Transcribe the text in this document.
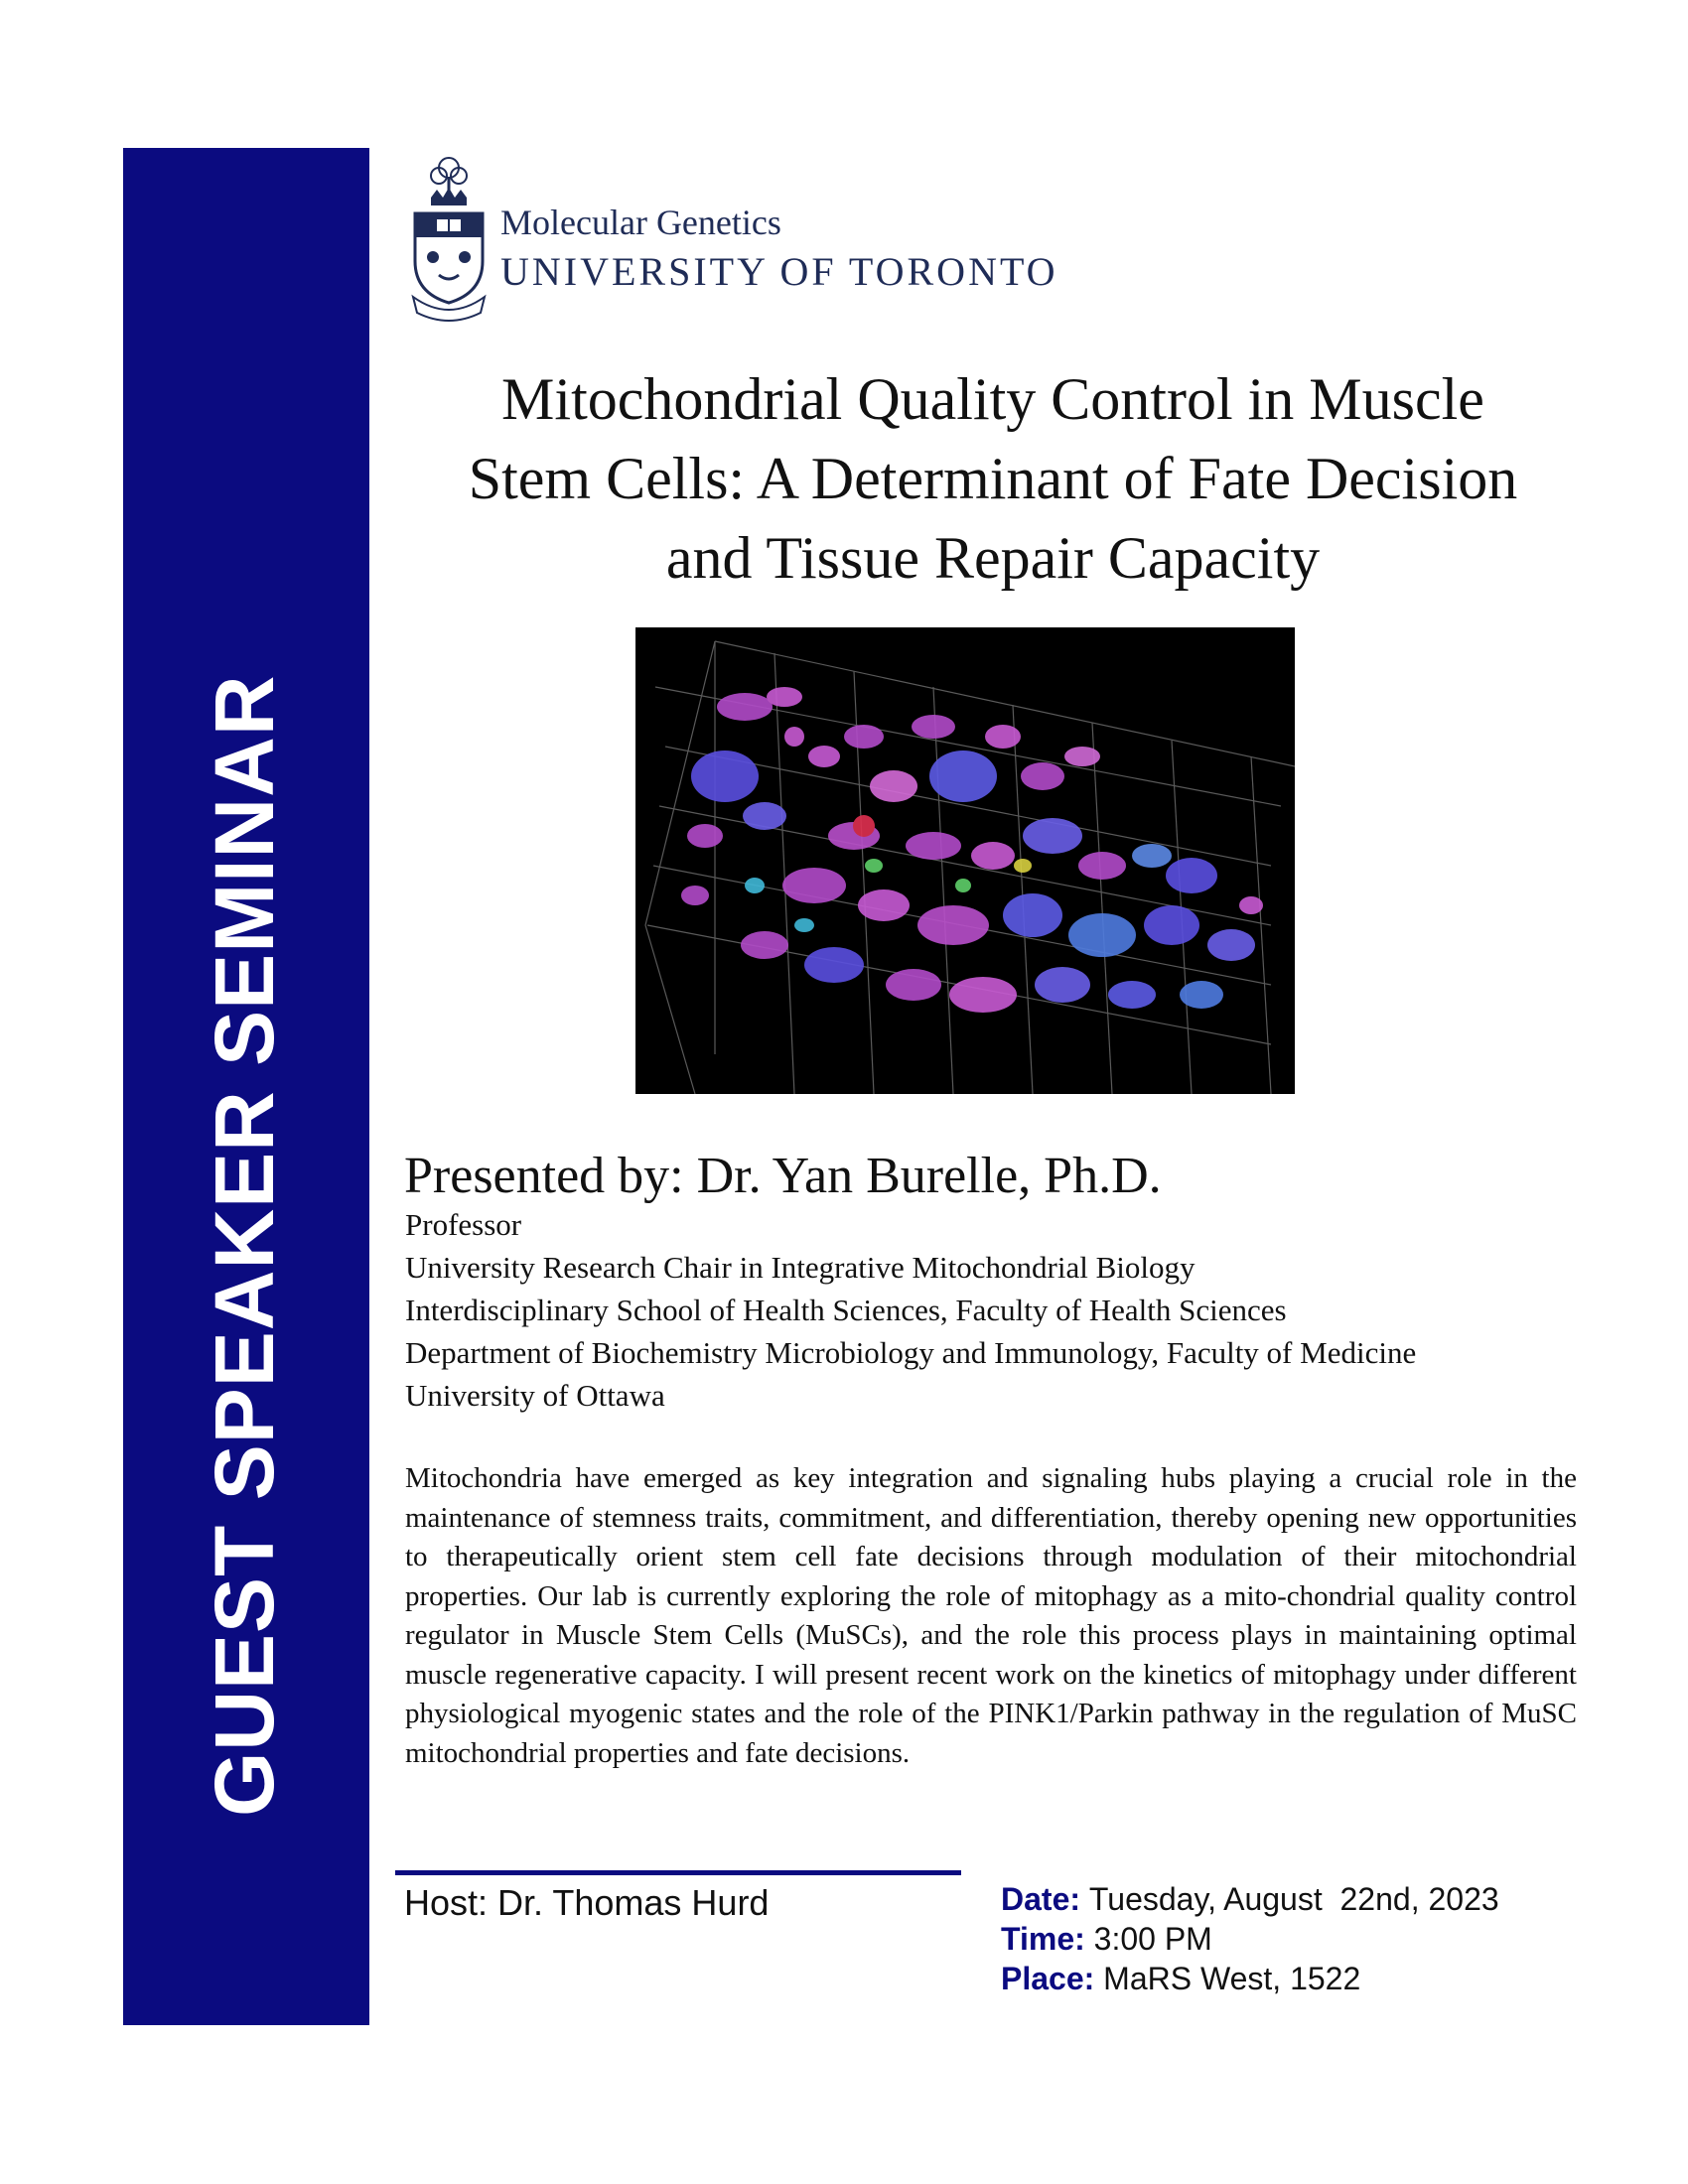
GUEST SPEAKER SEMINAR
Molecular Genetics
UNIVERSITY OF TORONTO
Mitochondrial Quality Control in Muscle
Stem Cells: A Determinant of Fate Decision
and Tissue Repair Capacity
Presented by: Dr. Yan Burelle, Ph.D.
Professor
University Research Chair in Integrative Mitochondrial Biology
Interdisciplinary School of Health Sciences, Faculty of Health Sciences
Department of Biochemistry Microbiology and Immunology, Faculty of Medicine
University of Ottawa
Mitochondria have emerged as key integration and signaling hubs playing a crucial role in the maintenance of stemness traits, commitment, and differentiation, thereby opening new opportunities to therapeutically orient stem cell fate decisions through modulation of their mitochondrial properties. Our lab is currently exploring the role of mitophagy as a mito-chondrial quality control regulator in Muscle Stem Cells (MuSCs), and the role this process plays in maintaining optimal muscle regenerative capacity. I will present recent work on the kinetics of mitophagy under different physiological myogenic states and the role of the PINK1/Parkin pathway in the regulation of MuSC mitochondrial properties and fate decisions.
Host: Dr. Thomas Hurd	Date: Tuesday, August  22nd, 2023
Time: 3:00 PM
Place: MaRS West, 1522
